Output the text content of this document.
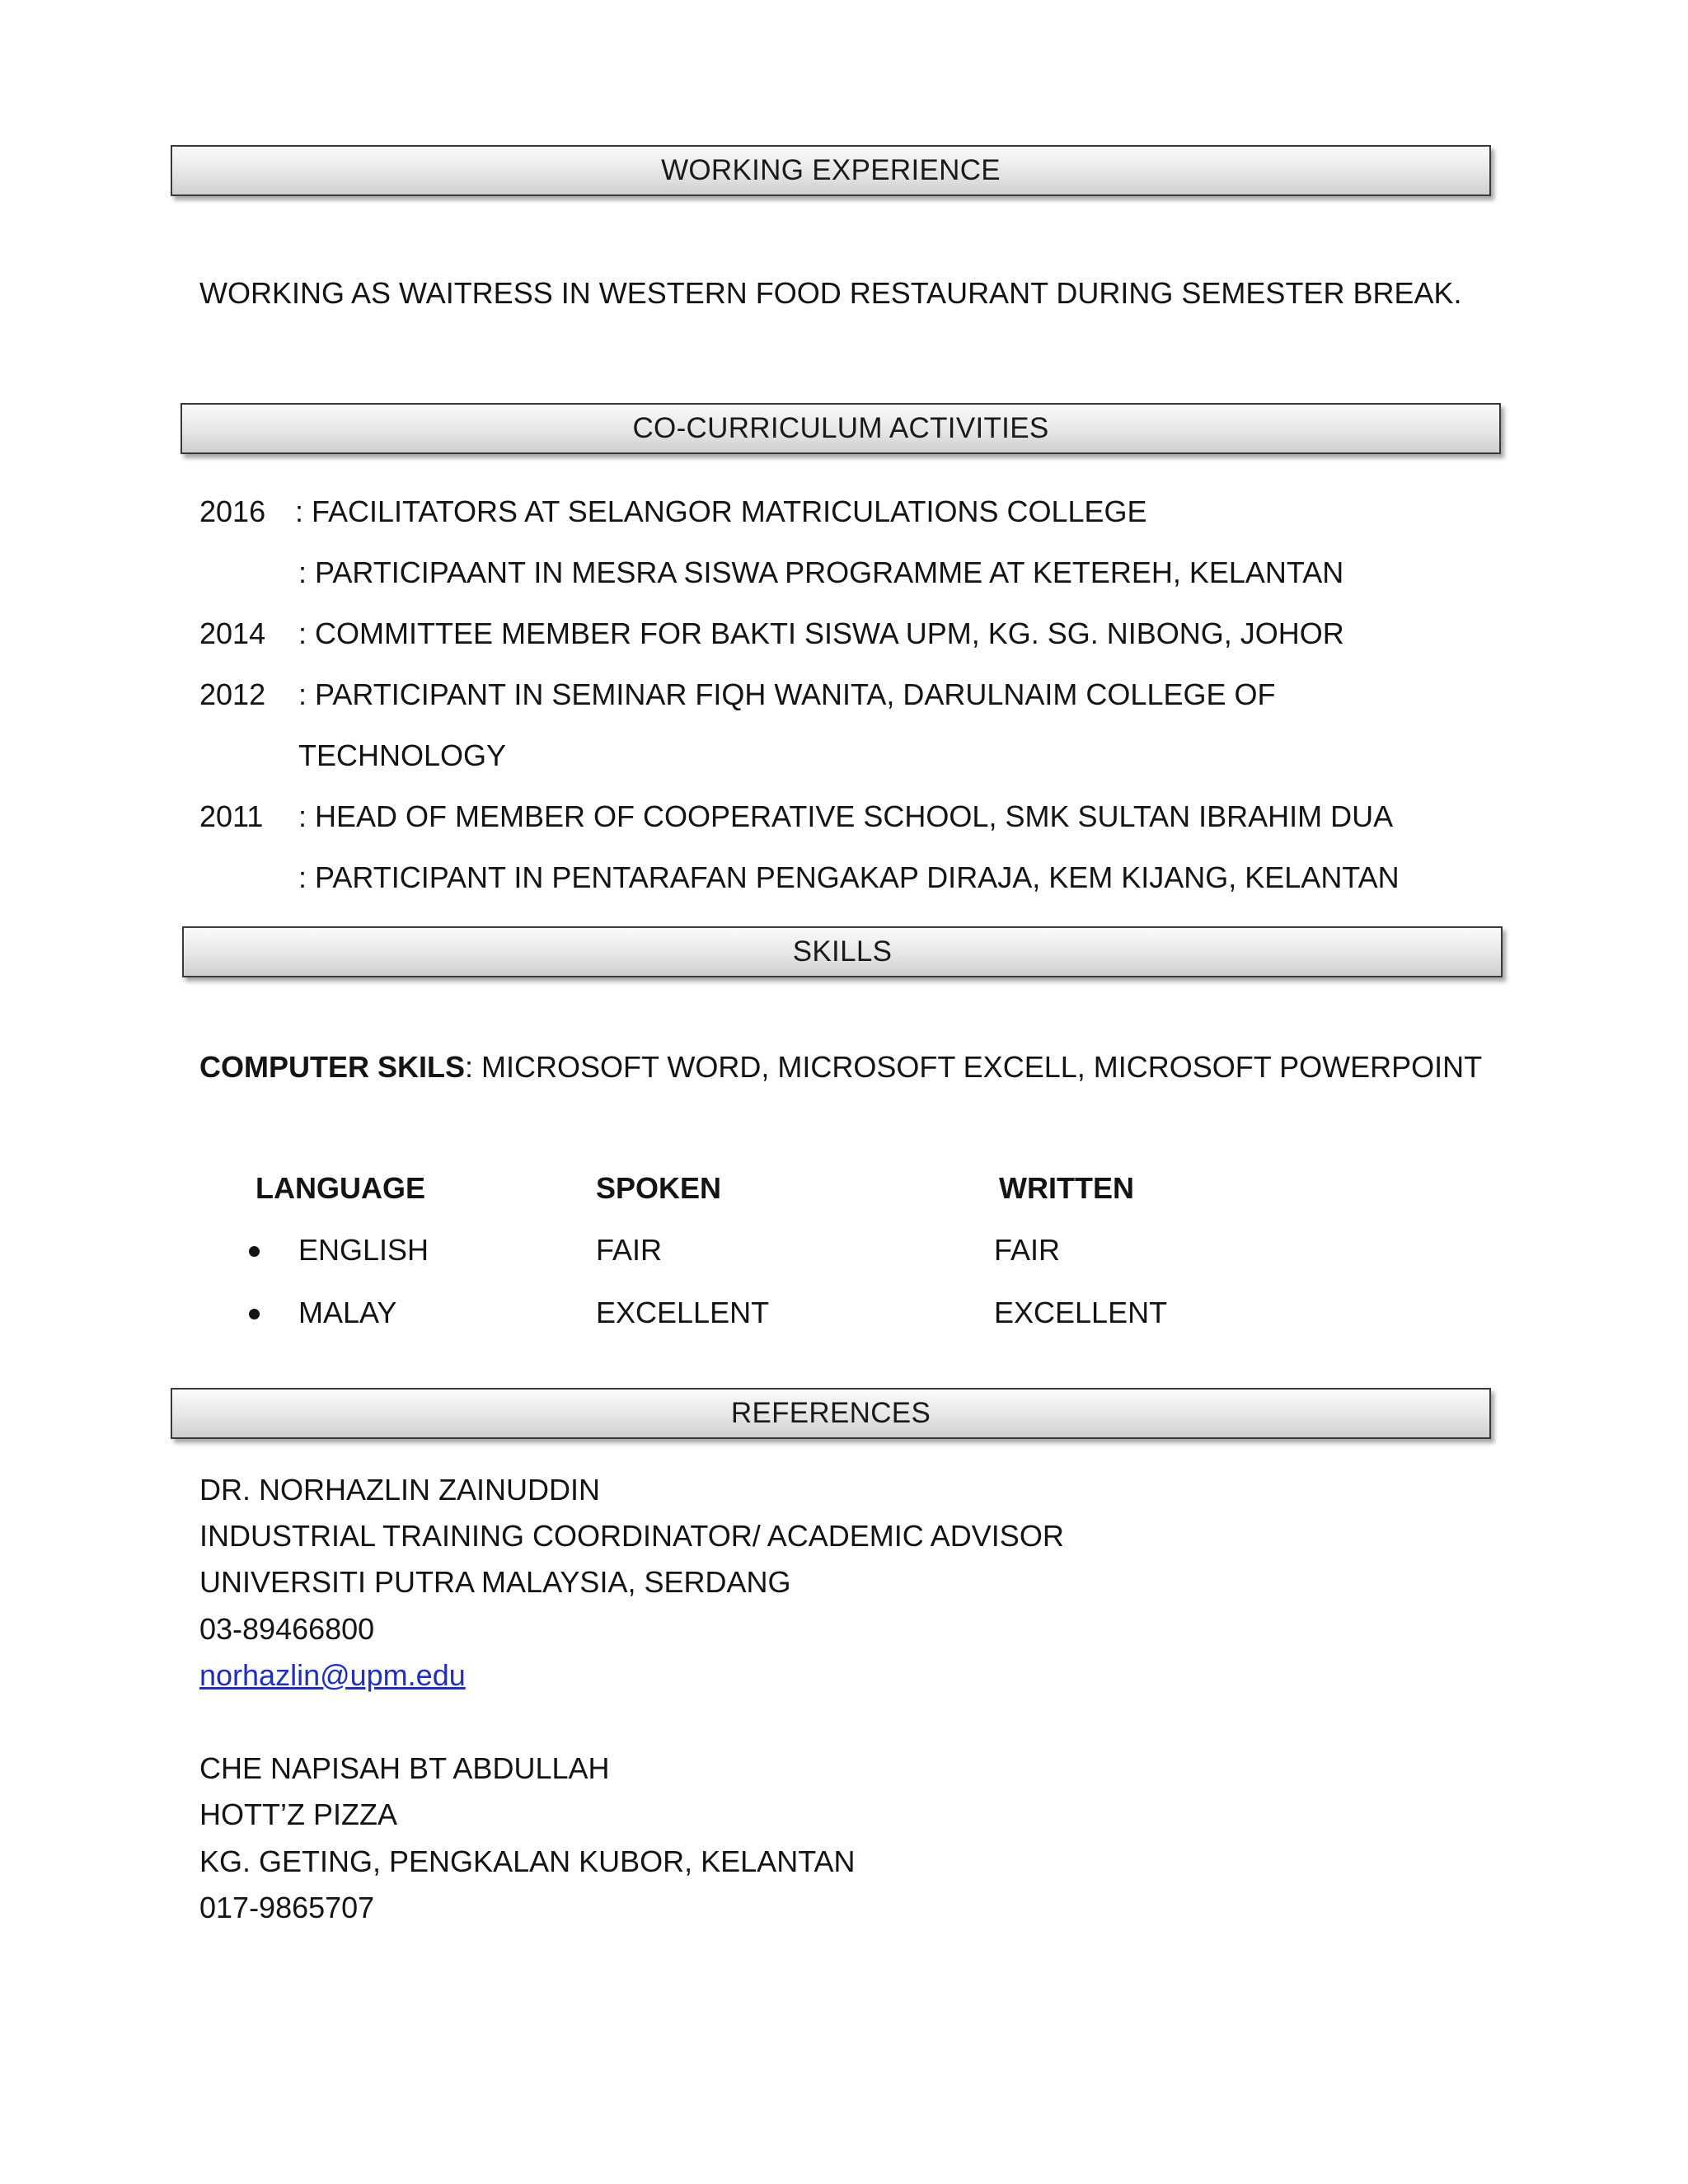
WORKING EXPERIENCE
WORKING AS WAITRESS IN WESTERN FOOD RESTAURANT DURING SEMESTER BREAK.
CO-CURRICULUM ACTIVITIES
2016 : FACILITATORS AT SELANGOR MATRICULATIONS COLLEGE
: PARTICIPAANT IN MESRA SISWA PROGRAMME AT KETEREH, KELANTAN
2014 : COMMITTEE MEMBER FOR BAKTI SISWA UPM, KG. SG. NIBONG, JOHOR
2012 : PARTICIPANT IN SEMINAR FIQH WANITA, DARULNAIM COLLEGE OF
TECHNOLOGY
2011 : HEAD OF MEMBER OF COOPERATIVE SCHOOL, SMK SULTAN IBRAHIM DUA
: PARTICIPANT IN PENTARAFAN PENGAKAP DIRAJA, KEM KIJANG, KELANTAN
SKILLS
COMPUTER SKILS: MICROSOFT WORD, MICROSOFT EXCELL, MICROSOFT POWERPOINT
LANGUAGE	SPOKEN	WRITTEN
ENGLISH	FAIR	FAIR
MALAY	EXCELLENT	EXCELLENT
REFERENCES
DR. NORHAZLIN ZAINUDDIN
INDUSTRIAL TRAINING COORDINATOR/ ACADEMIC ADVISOR
UNIVERSITI PUTRA MALAYSIA, SERDANG
03-89466800
norhazlin@upm.edu
CHE NAPISAH BT ABDULLAH
HOTT’Z PIZZA
KG. GETING, PENGKALAN KUBOR, KELANTAN
017-9865707
